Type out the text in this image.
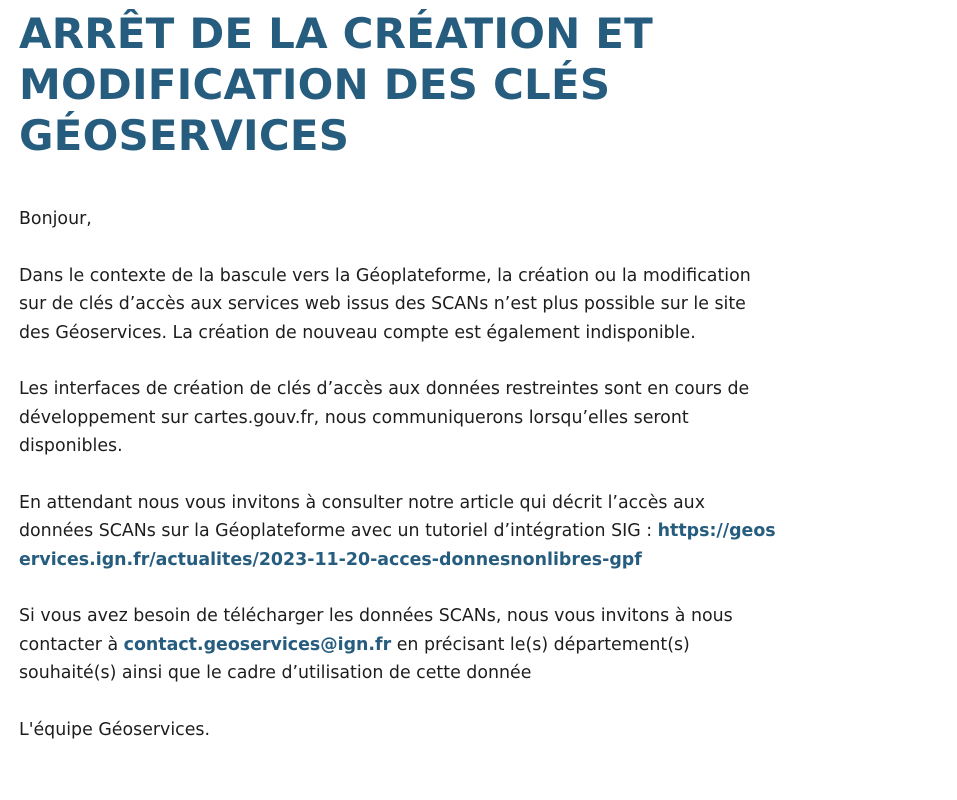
ARRÊT DE LA CRÉATION ET MODIFICATION DES CLÉS GÉOSERVICES

Bonjour,

Dans le contexte de la bascule vers la Géoplateforme, la création ou la modification sur de clés d’accès aux services web issus des SCANs n’est plus possible sur le site des Géoservices. La création de nouveau compte est également indisponible.

Les interfaces de création de clés d’accès aux données restreintes sont en cours de développement sur cartes.gouv.fr, nous communiquerons lorsqu’elles seront disponibles.

En attendant nous vous invitons à consulter notre article qui décrit l’accès aux données SCANs sur la Géoplateforme avec un tutoriel d’intégration SIG : https://geoservices.ign.fr/actualites/2023-11-20-acces-donnesnonlibres-gpf

Si vous avez besoin de télécharger les données SCANs, nous vous invitons à nous contacter à contact.geoservices@ign.fr en précisant le(s) département(s) souhaité(s) ainsi que le cadre d’utilisation de cette donnée

L'équipe Géoservices.
